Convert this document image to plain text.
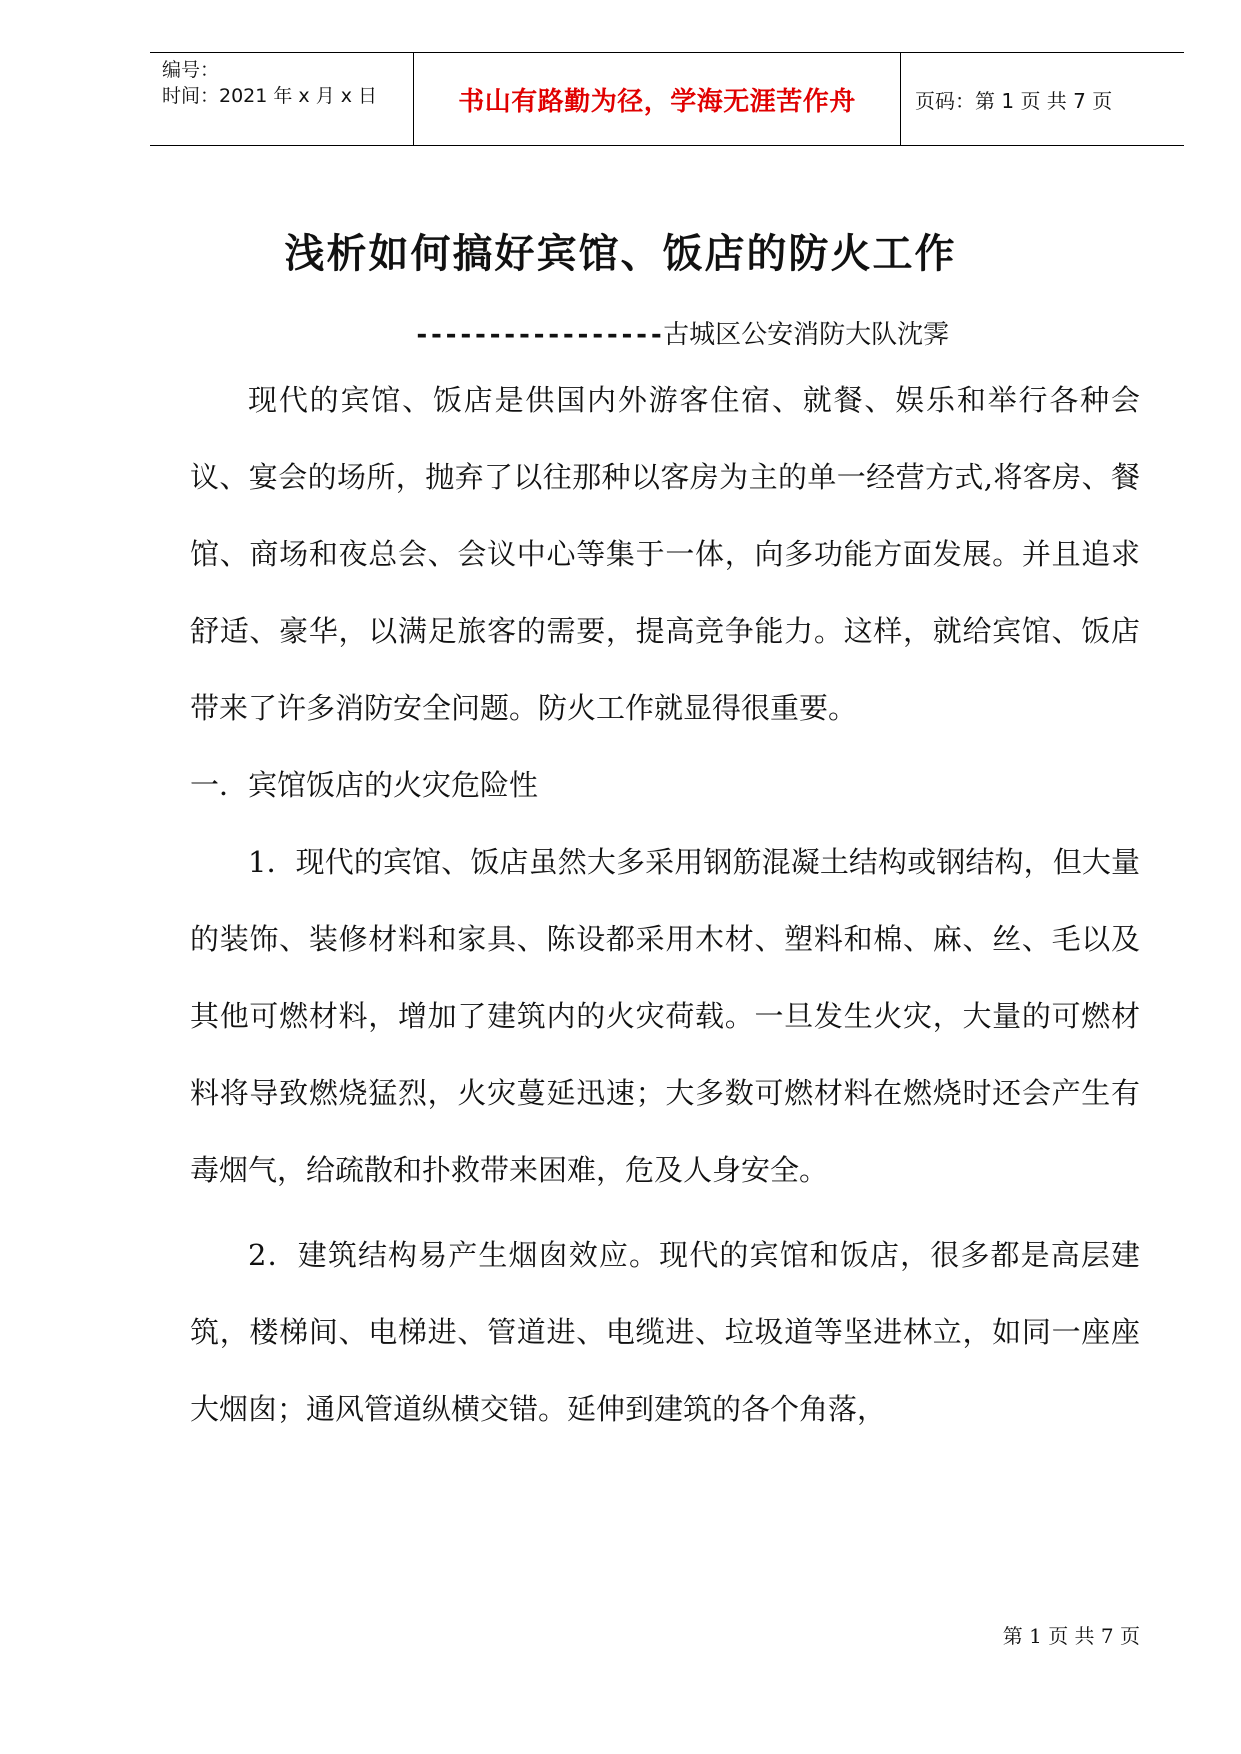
编号：
时间：2021 年 x 月 x 日	书山有路勤为径，学海无涯苦作舟	页码：第 1 页 共 7 页
浅析如何搞好宾馆、饭店的防火工作
-----------------古城区公安消防大队沈霁

现代的宾馆、饭店是供国内外游客住宿、就餐、娱乐和举行各种会议、宴会的场所，抛弃了以往那种以客房为主的单一经营方式,将客房、餐馆、商场和夜总会、会议中心等集于一体，向多功能方面发展。并且追求舒适、豪华，以满足旅客的需要，提高竞争能力。这样，就给宾馆、饭店带来了许多消防安全问题。防火工作就显得很重要。

一．宾馆饭店的火灾危险性

1．现代的宾馆、饭店虽然大多采用钢筋混凝土结构或钢结构，但大量的装饰、装修材料和家具、陈设都采用木材、塑料和棉、麻、丝、毛以及其他可燃材料，增加了建筑内的火灾荷载。一旦发生火灾，大量的可燃材料将导致燃烧猛烈，火灾蔓延迅速；大多数可燃材料在燃烧时还会产生有毒烟气，给疏散和扑救带来困难，危及人身安全。

2．建筑结构易产生烟囱效应。现代的宾馆和饭店，很多都是高层建筑，楼梯间、电梯进、管道进、电缆进、垃圾道等坚进林立，如同一座座大烟囱；通风管道纵横交错。延伸到建筑的各个角落，

第 1 页 共 7 页
